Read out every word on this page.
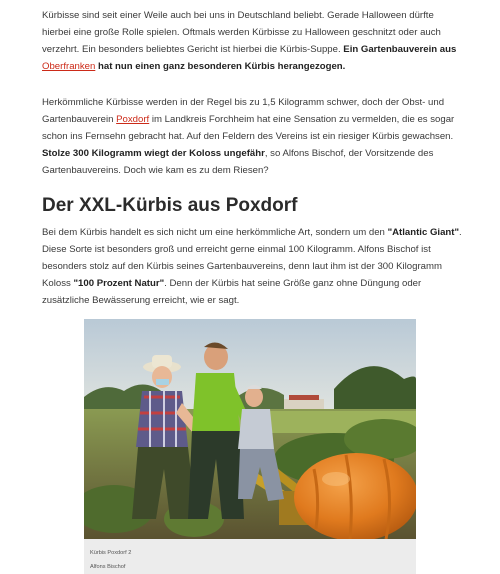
Kürbisse sind seit einer Weile auch bei uns in Deutschland beliebt. Gerade Halloween dürfte hierbei eine große Rolle spielen. Oftmals werden Kürbisse zu Halloween geschnitzt oder auch verzehrt. Ein besonders beliebtes Gericht ist hierbei die Kürbis-Suppe. Ein Gartenbauverein aus
Oberfranken hat nun einen ganz besonderen Kürbis herangezogen.

Herkömmliche Kürbisse werden in der Regel bis zu 1,5 Kilogramm schwer, doch der Obst- und Gartenbauverein Poxdorf im Landkreis Forchheim hat eine Sensation zu vermelden, die es sogar schon ins Fernsehn gebracht hat. Auf den Feldern des Vereins ist ein riesiger Kürbis gewachsen. Stolze 300 Kilogramm wiegt der Koloss ungefähr, so Alfons Bischof, der Vorsitzende des Gartenbauvereins. Doch wie kam es zu dem Riesen?

Der XXL-Kürbis aus Poxdorf

Bei dem Kürbis handelt es sich nicht um eine herkömmliche Art, sondern um den "Atlantic Giant". Diese Sorte ist besonders groß und erreicht gerne einmal 100 Kilogramm. Alfons Bischof ist besonders stolz auf den Kürbis seines Gartenbauvereins, denn laut ihm ist der 300 Kilogramm Koloss "100 Prozent Natur". Denn der Kürbis hat seine Größe ganz ohne Düngung oder zusätzliche Bewässerung erreicht, wie er sagt.

Kürbis Poxdorf 2
Alfons Bischof
